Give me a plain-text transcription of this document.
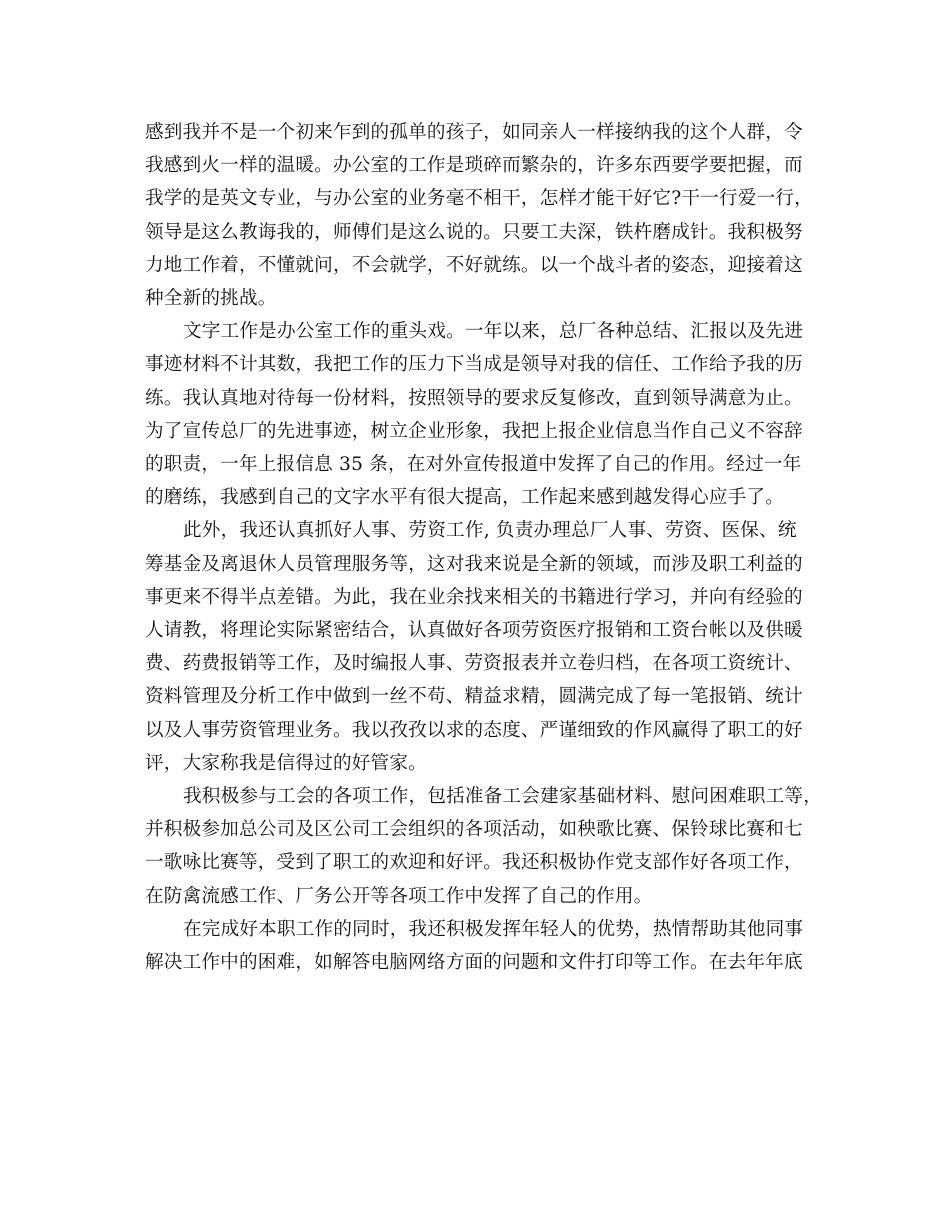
感到我并不是一个初来乍到的孤单的孩子，如同亲人一样接纳我的这个人群，令
我感到火一样的温暖。办公室的工作是琐碎而繁杂的，许多东西要学要把握，而
我学的是英文专业，与办公室的业务毫不相干，怎样才能干好它?干一行爱一行，
领导是这么教诲我的，师傅们是这么说的。只要工夫深，铁杵磨成针。我积极努
力地工作着，不懂就问，不会就学，不好就练。以一个战斗者的姿态，迎接着这
种全新的挑战。

文字工作是办公室工作的重头戏。一年以来，总厂各种总结、汇报以及先进
事迹材料不计其数，我把工作的压力下当成是领导对我的信任、工作给予我的历
练。我认真地对待每一份材料，按照领导的要求反复修改，直到领导满意为止。
为了宣传总厂的先进事迹，树立企业形象，我把上报企业信息当作自己义不容辞
的职责，一年上报信息 35 条，在对外宣传报道中发挥了自己的作用。经过一年
的磨练，我感到自己的文字水平有很大提高，工作起来感到越发得心应手了。

此外，我还认真抓好人事、劳资工作, 负责办理总厂人事、劳资、医保、统
筹基金及离退休人员管理服务等，这对我来说是全新的领域，而涉及职工利益的
事更来不得半点差错。为此，我在业余找来相关的书籍进行学习，并向有经验的
人请教，将理论实际紧密结合，认真做好各项劳资医疗报销和工资台帐以及供暖
费、药费报销等工作，及时编报人事、劳资报表并立卷归档，在各项工资统计、
资料管理及分析工作中做到一丝不苟、精益求精，圆满完成了每一笔报销、统计
以及人事劳资管理业务。我以孜孜以求的态度、严谨细致的作风赢得了职工的好
评，大家称我是信得过的好管家。

我积极参与工会的各项工作，包括准备工会建家基础材料、慰问困难职工等，
并积极参加总公司及区公司工会组织的各项活动，如秧歌比赛、保铃球比赛和七
一歌咏比赛等，受到了职工的欢迎和好评。我还积极协作党支部作好各项工作，
在防禽流感工作、厂务公开等各项工作中发挥了自己的作用。

在完成好本职工作的同时，我还积极发挥年轻人的优势，热情帮助其他同事
解决工作中的困难，如解答电脑网络方面的问题和文件打印等工作。在去年年底
